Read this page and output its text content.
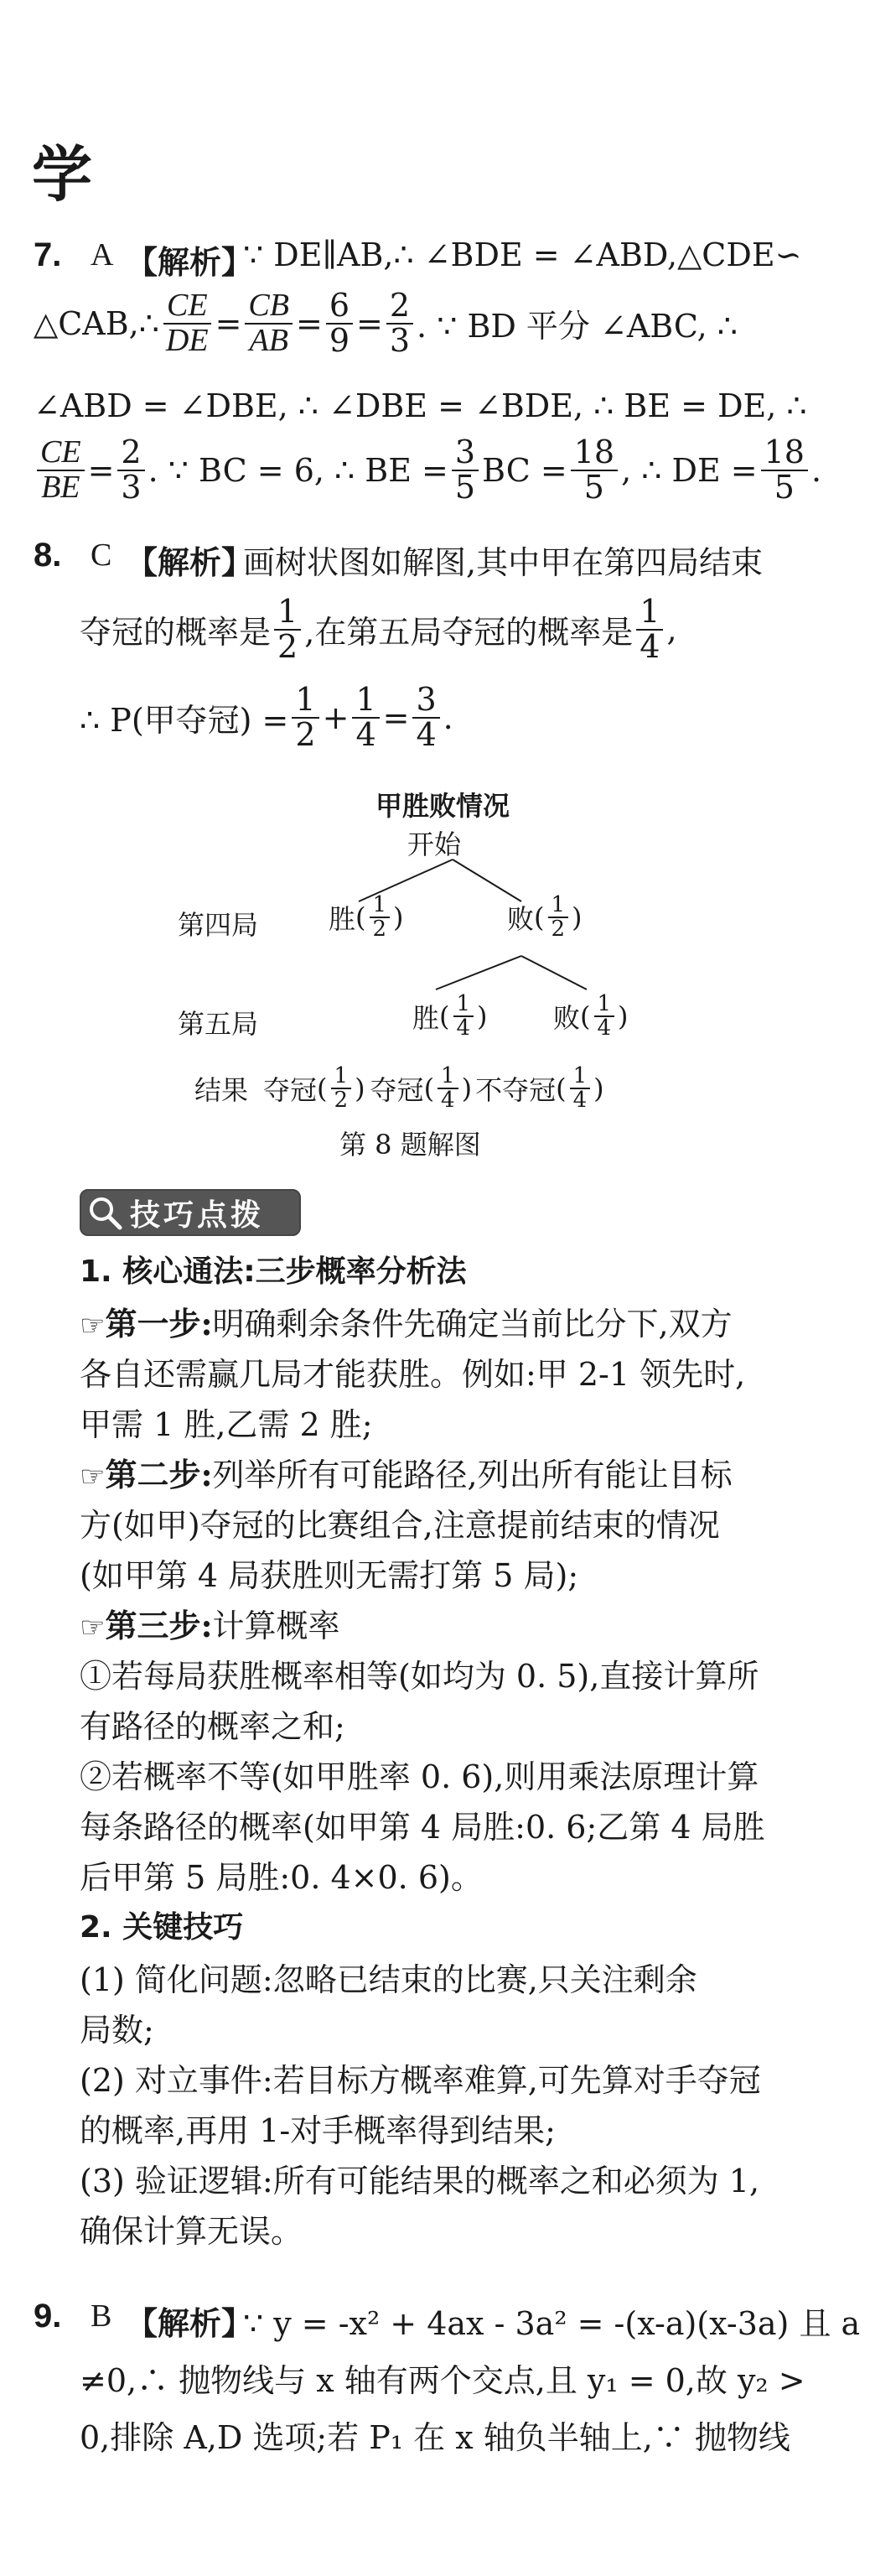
学
7. A 【解析】
∵ DE∥AB,∴ ∠BDE = ∠ABD,△CDE∽
△CAB,∴ $\frac{CE}{DE} = \frac{CB}{AB} = \frac{6}{9} = \frac{2}{3}$ . ∵ BD 平分 ∠ABC, ∴
∠ABD = ∠DBE, ∴ ∠DBE = ∠BDE, ∴ BE = DE, ∴
$\frac{CE}{BE} = \frac{2}{3}$ . ∵ BC = 6, ∴ BE = $\frac{3}{5}$ BC = $\frac{18}{5}$ , ∴ DE = $\frac{18}{5}$ .
8. C 【解析】
画树状图如解图,其中甲在第四局结束
夺冠的概率是 $\frac{1}{2}$ ,在第五局夺冠的概率是 $\frac{1}{4}$ ,
∴ P(甲夺冠) = $\frac{1}{2} + \frac{1}{4} = \frac{3}{4}$ .
甲胜败情况
开始
第四局	胜 ( $\frac{1}{2}$ )	败 ( $\frac{1}{2}$ )
第五局	胜 ( $\frac{1}{4}$ ) 败 ( $\frac{1}{4}$ )
结果 夺冠 ( $\frac{1}{2}$ ) 夺冠 ( $\frac{1}{4}$ ) 不夺冠 ( $\frac{1}{4}$ )
第 8 题解图
技巧点拨
1. 核心通法:三步概率分析法
☞第一步:明确剩余条件先确定当前比分下,双方
各自还需赢几局才能获胜。例如:甲 2-1 领先时,
甲需 1 胜,乙需 2 胜;
☞第二步:列举所有可能路径,列出所有能让目标
方(如甲)夺冠的比赛组合,注意提前结束的情况
(如甲第 4 局获胜则无需打第 5 局);
☞第三步:计算概率
①若每局获胜概率相等(如均为 0. 5),直接计算所
有路径的概率之和;
②若概率不等(如甲胜率 0. 6),则用乘法原理计算
每条路径的概率(如甲第 4 局胜:0. 6;乙第 4 局胜
后甲第 5 局胜:0. 4×0. 6)。
2. 关键技巧
(1) 简化问题:忽略已结束的比赛,只关注剩余
局数;
(2) 对立事件:若目标方概率难算,可先算对手夺冠
的概率,再用 1-对手概率得到结果;
(3) 验证逻辑:所有可能结果的概率之和必须为 1,
确保计算无误。
9. B 【解析】
∵ y = -x² + 4ax - 3a² = -(x-a)(x-3a) 且 a
≠0,∴ 抛物线与 x 轴有两个交点,且 y₁ = 0,故 y₂ >
0,排除 A,D 选项;若 P₁ 在 x 轴负半轴上,∵ 抛物线
